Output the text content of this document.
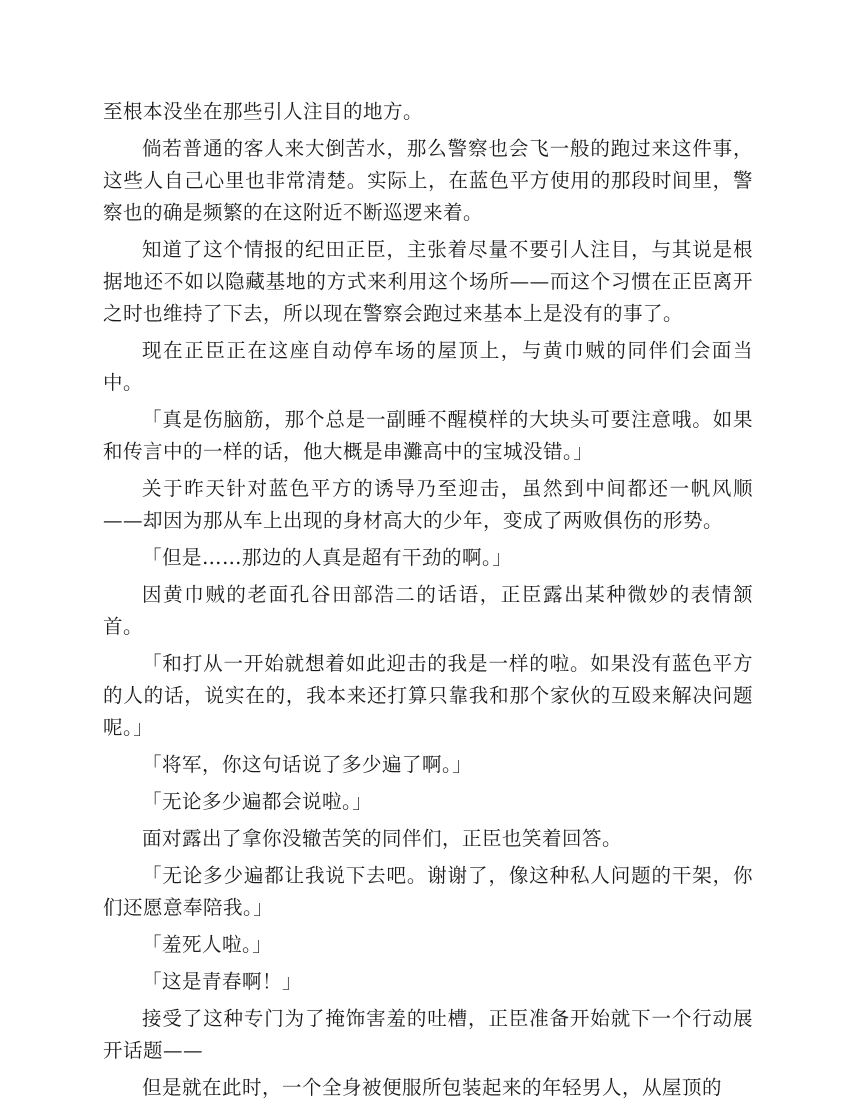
至根本没坐在那些引人注目的地方。

倘若普通的客人来大倒苦水，那么警察也会飞一般的跑过来这件事，这些人自己心里也非常清楚。实际上，在蓝色平方使用的那段时间里，警察也的确是频繁的在这附近不断巡逻来着。

知道了这个情报的纪田正臣，主张着尽量不要引人注目，与其说是根据地还不如以隐藏基地的方式来利用这个场所——而这个习惯在正臣离开之时也维持了下去，所以现在警察会跑过来基本上是没有的事了。

现在正臣正在这座自动停车场的屋顶上，与黄巾贼的同伴们会面当中。

「真是伤脑筋，那个总是一副睡不醒模样的大块头可要注意哦。如果和传言中的一样的话，他大概是串灘高中的宝城没错。」

关于昨天针对蓝色平方的诱导乃至迎击，虽然到中间都还一帆风顺——却因为那从车上出现的身材高大的少年，变成了两败俱伤的形势。

「但是……那边的人真是超有干劲的啊。」

因黄巾贼的老面孔谷田部浩二的话语，正臣露出某种微妙的表情颔首。

「和打从一开始就想着如此迎击的我是一样的啦。如果没有蓝色平方的人的话，说实在的，我本来还打算只靠我和那个家伙的互殴来解决问题呢。」

「将军，你这句话说了多少遍了啊。」

「无论多少遍都会说啦。」

面对露出了拿你没辙苦笑的同伴们，正臣也笑着回答。

「无论多少遍都让我说下去吧。谢谢了，像这种私人问题的干架，你们还愿意奉陪我。」

「羞死人啦。」

「这是青春啊！」

接受了这种专门为了掩饰害羞的吐槽，正臣准备开始就下一个行动展开话题——

但是就在此时，一个全身被便服所包装起来的年轻男人，从屋顶的
